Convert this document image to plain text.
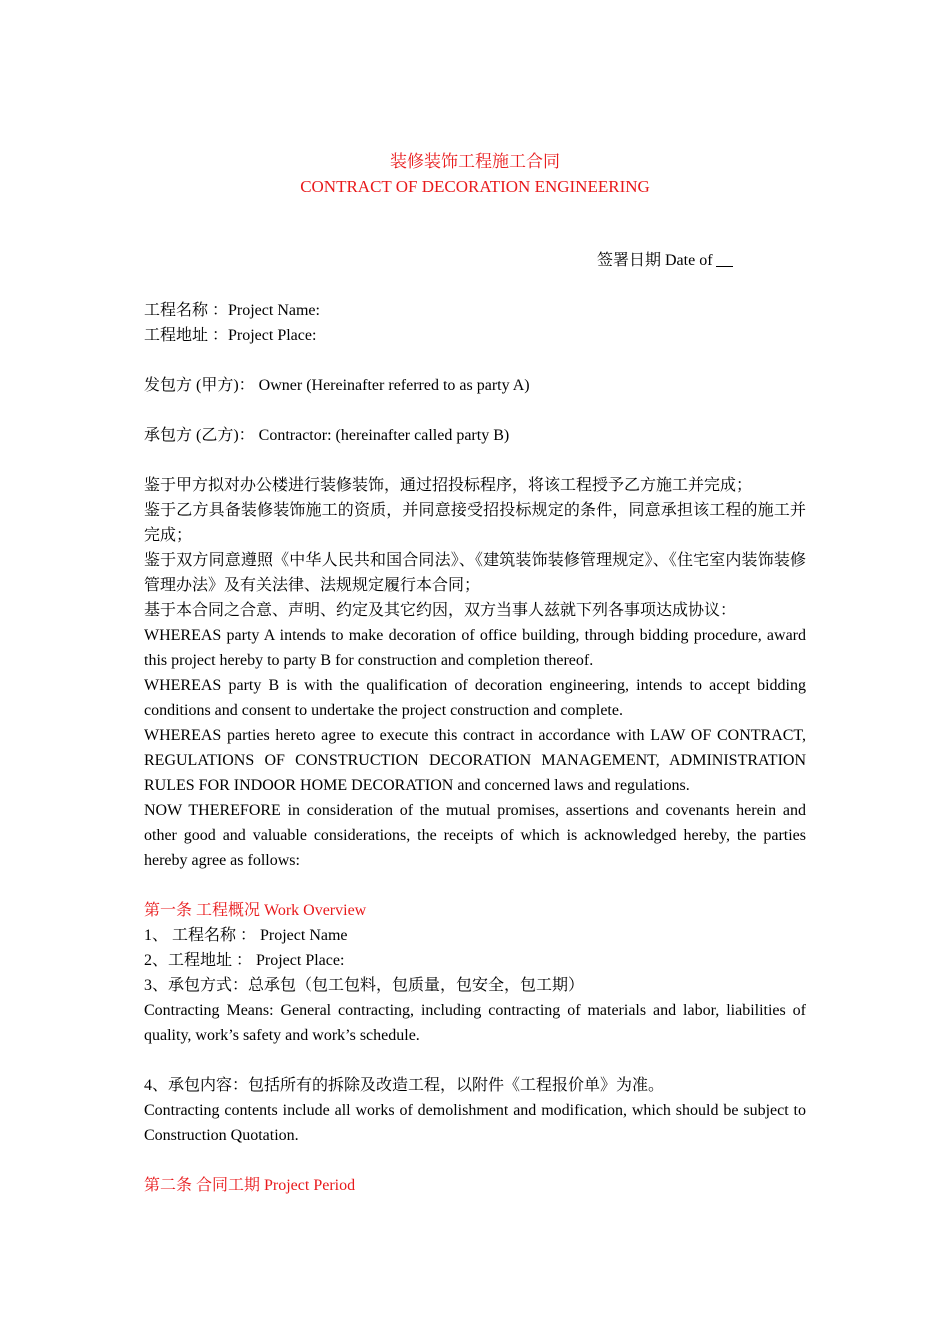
装修装饰工程施工合同
CONTRACT OF DECORATION ENGINEERING
签署日期 Date of

工程名称 ：Project Name:

工程地址 ：Project Place:

发包方 (甲方)： Owner (Hereinafter referred to as party A)

承包方 (乙方)： Contractor: (hereinafter called party B)

鉴于甲方拟对办公楼进行装修装饰，通过招投标程序，将该工程授予乙方施工并完成；

鉴于乙方具备装修装饰施工的资质，并同意接受招投标规定的条件，同意承担该工程的施工并完成；

鉴于双方同意遵照《中华人民共和国合同法》、《建筑装饰装修管理规定》、《住宅室内装饰装修管理办法》及有关法律、法规规定履行本合同；

基于本合同之合意、声明、约定及其它约因，双方当事人兹就下列各事项达成协议：

WHEREAS party A intends to make decoration of office building, through bidding procedure, award this project hereby to party B for construction and completion thereof.

WHEREAS party B is with the qualification of decoration engineering, intends to accept bidding conditions and consent to undertake the project construction and complete.

WHEREAS parties hereto agree to execute this contract in accordance with LAW OF CONTRACT, REGULATIONS OF CONSTRUCTION DECORATION MANAGEMENT, ADMINISTRATION RULES FOR INDOOR HOME DECORATION and concerned laws and regulations.

NOW THEREFORE in consideration of the mutual promises, assertions and covenants herein and other good and valuable considerations, the receipts of which is acknowledged hereby, the parties hereby agree as follows:

第一条 工程概况 Work Overview

1、 工程名称 ： Project Name

2、工程地址 ： Project Place:

3、承包方式：总承包（包工包料，包质量，包安全，包工期）

Contracting Means: General contracting, including contracting of materials and labor, liabilities of quality, work’s safety and work’s schedule.

4、承包内容：包括所有的拆除及改造工程，以附件《工程报价单》为准。

Contracting contents include all works of demolishment and modification, which should be subject to Construction Quotation.

第二条 合同工期 Project Period
